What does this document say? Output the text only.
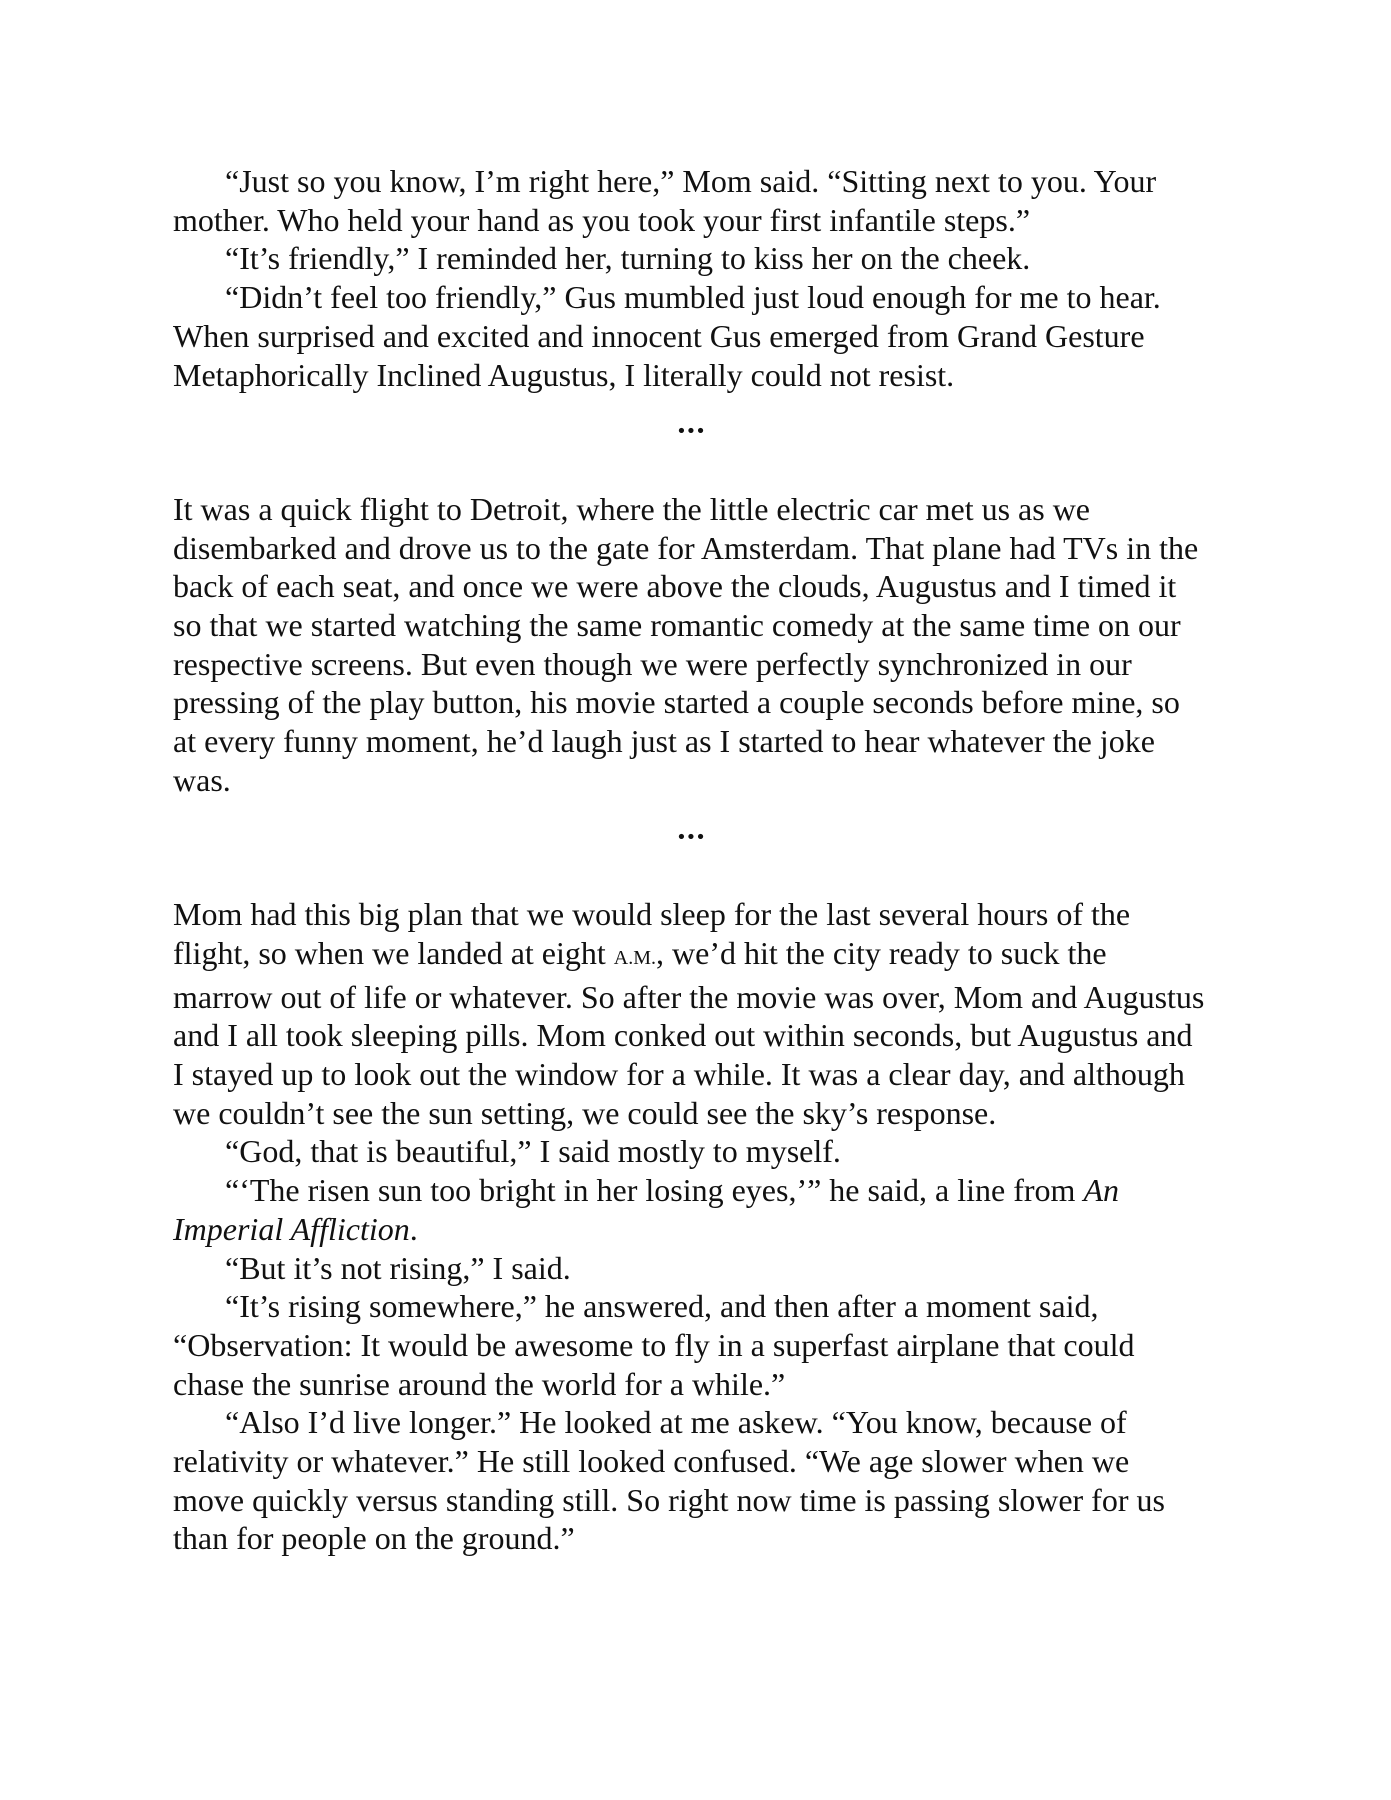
“Just so you know, I’m right here,” Mom said. “Sitting next to you. Your mother. Who held your hand as you took your first infantile steps.”

“It’s friendly,” I reminded her, turning to kiss her on the cheek.

“Didn’t feel too friendly,” Gus mumbled just loud enough for me to hear. When surprised and excited and innocent Gus emerged from Grand Gesture Metaphorically Inclined Augustus, I literally could not resist.

•••

It was a quick flight to Detroit, where the little electric car met us as we disembarked and drove us to the gate for Amsterdam. That plane had TVs in the back of each seat, and once we were above the clouds, Augustus and I timed it so that we started watching the same romantic comedy at the same time on our respective screens. But even though we were perfectly synchronized in our pressing of the play button, his movie started a couple seconds before mine, so at every funny moment, he’d laugh just as I started to hear whatever the joke was.

•••

Mom had this big plan that we would sleep for the last several hours of the flight, so when we landed at eight A.M., we’d hit the city ready to suck the marrow out of life or whatever. So after the movie was over, Mom and Augustus and I all took sleeping pills. Mom conked out within seconds, but Augustus and I stayed up to look out the window for a while. It was a clear day, and although we couldn’t see the sun setting, we could see the sky’s response.

“God, that is beautiful,” I said mostly to myself.

“‘The risen sun too bright in her losing eyes,’” he said, a line from An Imperial Affliction.

“But it’s not rising,” I said.

“It’s rising somewhere,” he answered, and then after a moment said, “Observation: It would be awesome to fly in a superfast airplane that could chase the sunrise around the world for a while.”

“Also I’d live longer.” He looked at me askew. “You know, because of relativity or whatever.” He still looked confused. “We age slower when we move quickly versus standing still. So right now time is passing slower for us than for people on the ground.”
